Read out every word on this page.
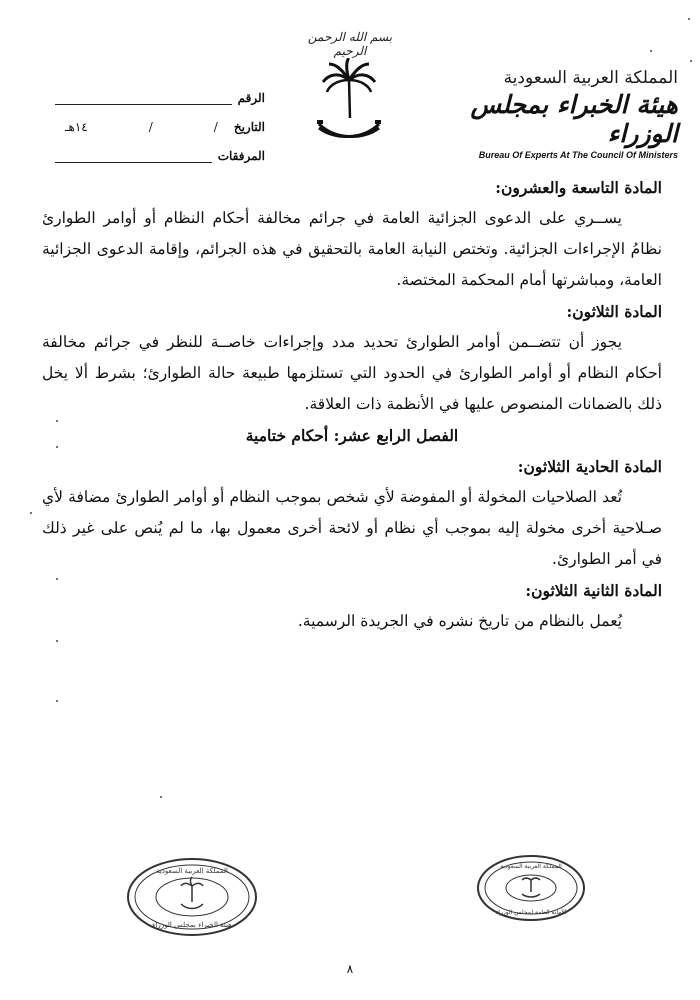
بسم الله الرحمن الرحيم
المملكة العربية السعودية
هيئة الخبراء بمجلس الوزراء
Bureau Of Experts At The Council Of Ministers
الرقم
التاريخ
/
/
١٤هـ
المرفقات
المادة التاسعة والعشرون:
يســري على الدعوى الجزائية العامة في جرائم مخالفة أحكام النظام أو أوامر الطوارئ نظامُ الإجراءات الجزائية. وتختص النيابة العامة بالتحقيق في هذه الجرائم، وإقامة الدعوى الجزائية العامة، ومباشرتها أمام المحكمة المختصة.
المادة الثلاثون:
يجوز أن تتضــمن أوامر الطوارئ تحديد مدد وإجراءات خاصــة للنظر في جرائم مخالفة أحكام النظام أو أوامر الطوارئ في الحدود التي تستلزمها طبيعة حالة الطوارئ؛ بشرط ألا يخل ذلك بالضمانات المنصوص عليها في الأنظمة ذات العلاقة.
الفصل الرابع عشر: أحكام ختامية
المادة الحادية الثلاثون:
تُعد الصلاحيات المخولة أو المفوضة لأي شخص بموجب النظام أو أوامر الطوارئ مضافة لأي صـلاحية أخرى مخولة إليه بموجب أي نظام أو لائحة أخرى معمول بها، ما لم يُنص على غير ذلك في أمر الطوارئ.
المادة الثانية الثلاثون:
يُعمل بالنظام من تاريخ نشره في الجريدة الرسمية.
المملكة العربية السعودية
هيئة الخبراء بمجلس الوزراء
المملكة العربية السعودية
الأمانة العامة لمجلس الوزراء
٨
